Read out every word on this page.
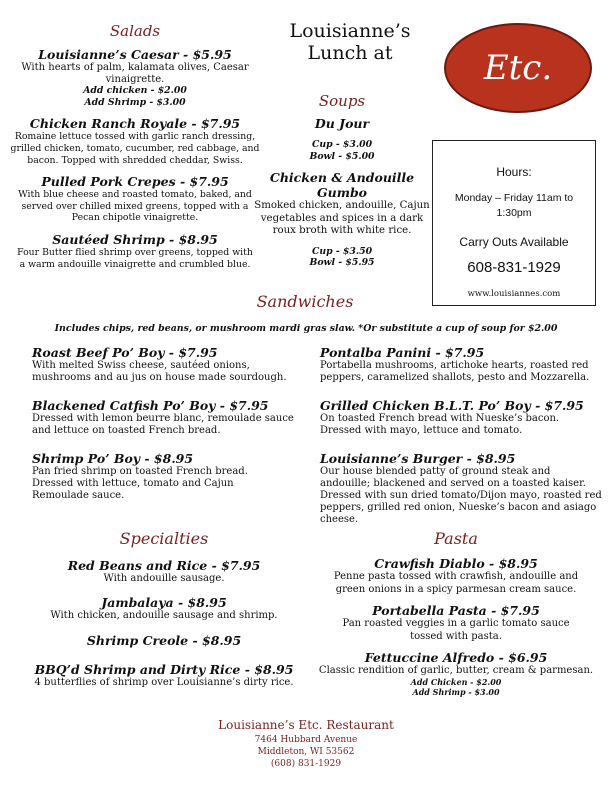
Louisianne’s
Lunch at	Etc.
Hours:
Monday – Friday 11am to 1:30pm
Carry Outs Available
608-831-1929
www.louisiannes.com
Salads
Louisianne’s Caesar - $5.95
With hearts of palm, kalamata olives, Caesar vinaigrette.
Add chicken - $2.00
Add Shrimp - $3.00
Chicken Ranch Royale - $7.95
Romaine lettuce tossed with garlic ranch dressing, grilled chicken, tomato, cucumber, red cabbage, and bacon. Topped with shredded cheddar, Swiss.
Pulled Pork Crepes - $7.95
With blue cheese and roasted tomato, baked, and served over chilled mixed greens, topped with a Pecan chipotle vinaigrette.
Sautéed Shrimp - $8.95
Four Butter flied shrimp over greens, topped with a warm andouille vinaigrette and crumbled blue.
Soups
Du Jour
Cup - $3.00
Bowl - $5.00
Chicken & Andouille
Gumbo
Smoked chicken, andouille, Cajun vegetables and spices in a dark roux broth with white rice.
Cup - $3.50
Bowl - $5.95
Sandwiches
Includes chips, red beans, or mushroom mardi gras slaw. *Or substitute a cup of soup for $2.00
Roast Beef Po’ Boy - $7.95
With melted Swiss cheese, sautéed onions, mushrooms and au jus on house made sourdough.
Blackened Catfish Po’ Boy - $7.95
Dressed with lemon beurre blanc, remoulade sauce and lettuce on toasted French bread.
Shrimp Po’ Boy - $8.95
Pan fried shrimp on toasted French bread. Dressed with lettuce, tomato and Cajun Remoulade sauce.
Pontalba Panini - $7.95
Portabella mushrooms, artichoke hearts, roasted red peppers, caramelized shallots, pesto and Mozzarella.
Grilled Chicken B.L.T. Po’ Boy - $7.95
On toasted French bread with Nueske’s bacon. Dressed with mayo, lettuce and tomato.
Louisianne’s Burger - $8.95
Our house blended patty of ground steak and andouille; blackened and served on a toasted kaiser. Dressed with sun dried tomato/Dijon mayo, roasted red peppers, grilled red onion, Nueske’s bacon and asiago cheese.
Specialties
Red Beans and Rice - $7.95
With andouille sausage.
Jambalaya - $8.95
With chicken, andouille sausage and shrimp.
Shrimp Creole - $8.95
BBQ’d Shrimp and Dirty Rice - $8.95
4 butterflies of shrimp over Louisianne’s dirty rice.
Pasta
Crawfish Diablo - $8.95
Penne pasta tossed with crawfish, andouille and green onions in a spicy parmesan cream sauce.
Portabella Pasta - $7.95
Pan roasted veggies in a garlic tomato sauce tossed with pasta.
Fettuccine Alfredo - $6.95
Classic rendition of garlic, butter, cream & parmesan.
Add Chicken - $2.00
Add Shrimp - $3.00
Louisianne’s Etc. Restaurant
7464 Hubbard Avenue
Middleton, WI 53562
(608) 831-1929
